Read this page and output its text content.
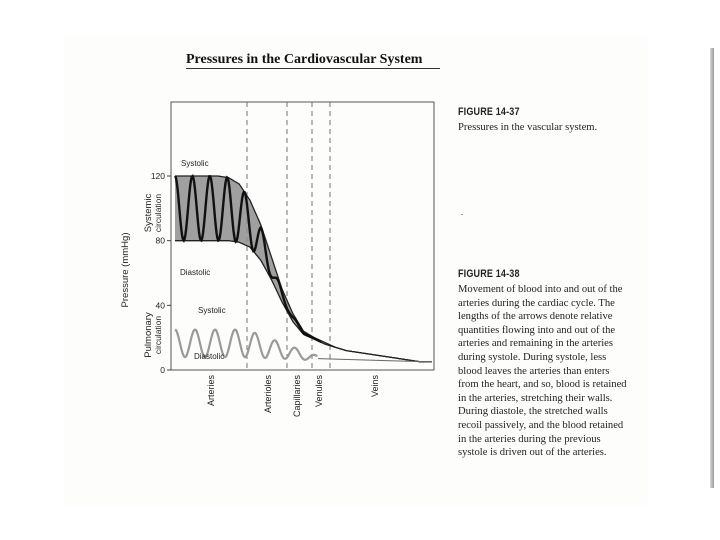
Pressures in the Cardiovascular System
0
40
80
120
Pressure (mmHg)
Systemic circulation
Pulmonary circulation
Systolic
Diastolic
Systolic
Diastolic
Arteries	Arterioles Capillaries Venules	Veins
FIGURE 14-37
Pressures in the vascular system.
FIGURE 14-38
Movement of blood into and out of the arteries during the cardiac cycle. The lengths of the arrows denote relative quantities flowing into and out of the arteries and remaining in the arteries during systole. During systole, less blood leaves the arteries than enters from the heart, and so, blood is retained in the arteries, stretching their walls. During diastole, the stretched walls recoil passively, and the blood retained in the arteries during the previous systole is driven out of the arteries.
